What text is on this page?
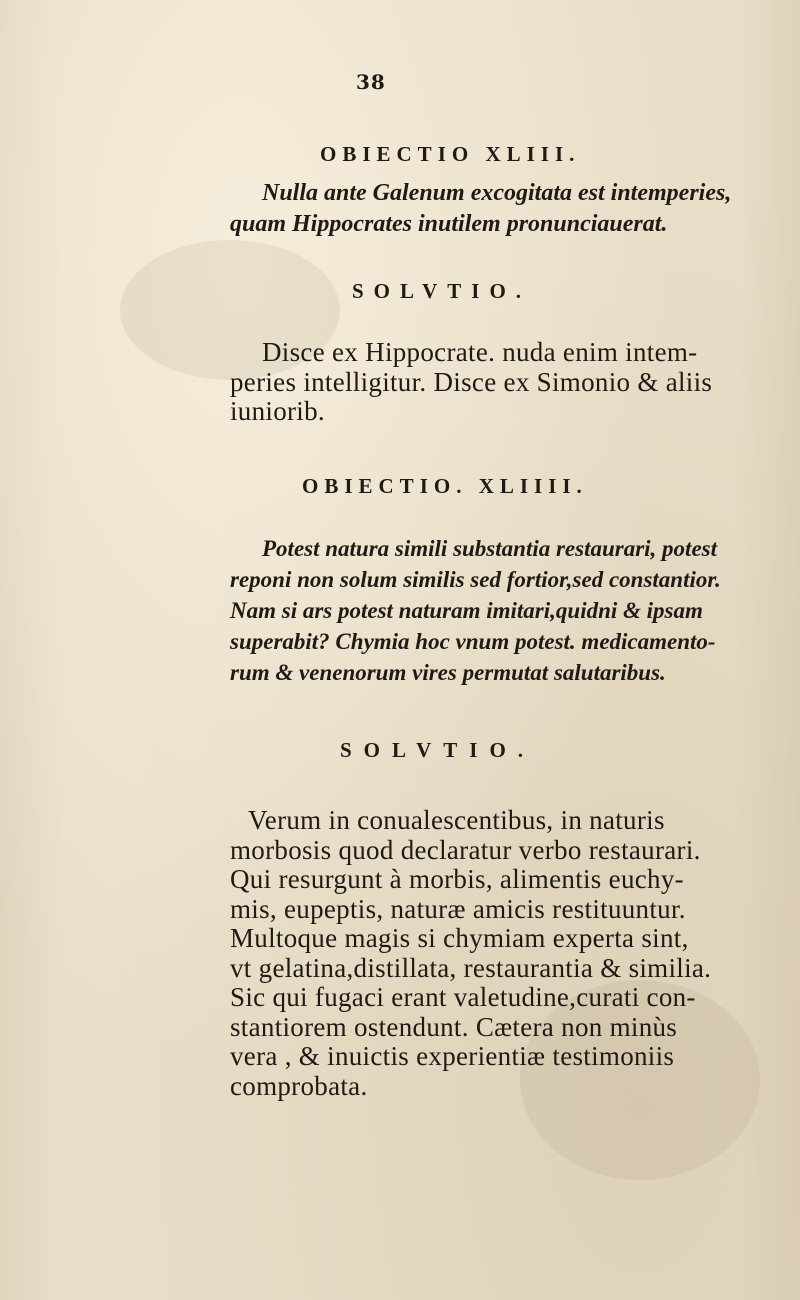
38
OBIECTIO XLIII.
Nulla ante Galenum excogitata est intemperies,
quam Hippocrates inutilem pronunciauerat.
SOLVTIO.
Disce ex Hippocrate. nuda enim intem-
peries intelligitur. Disce ex Simonio & aliis
iuniorib.
OBIECTIO. XLIIII.
Potest natura simili substantia restaurari, potest
reponi non solum similis sed fortior,sed constantior.
Nam si ars potest naturam imitari,quidni & ipsam
superabit? Chymia hoc vnum potest. medicamento-
rum & venenorum vires permutat salutaribus.
SOLVTIO.
Verum in conualescentibus, in naturis
morbosis quod declaratur verbo restaurari.
Qui resurgunt à morbis, alimentis euchy-
mis, eupeptis, naturæ amicis restituuntur.
Multoque magis si chymiam experta sint,
vt gelatina,distillata, restaurantia & similia.
Sic qui fugaci erant valetudine,curati con-
stantiorem ostendunt. Cætera non minùs
vera , & inuictis experientiæ testimoniis
comprobata.
